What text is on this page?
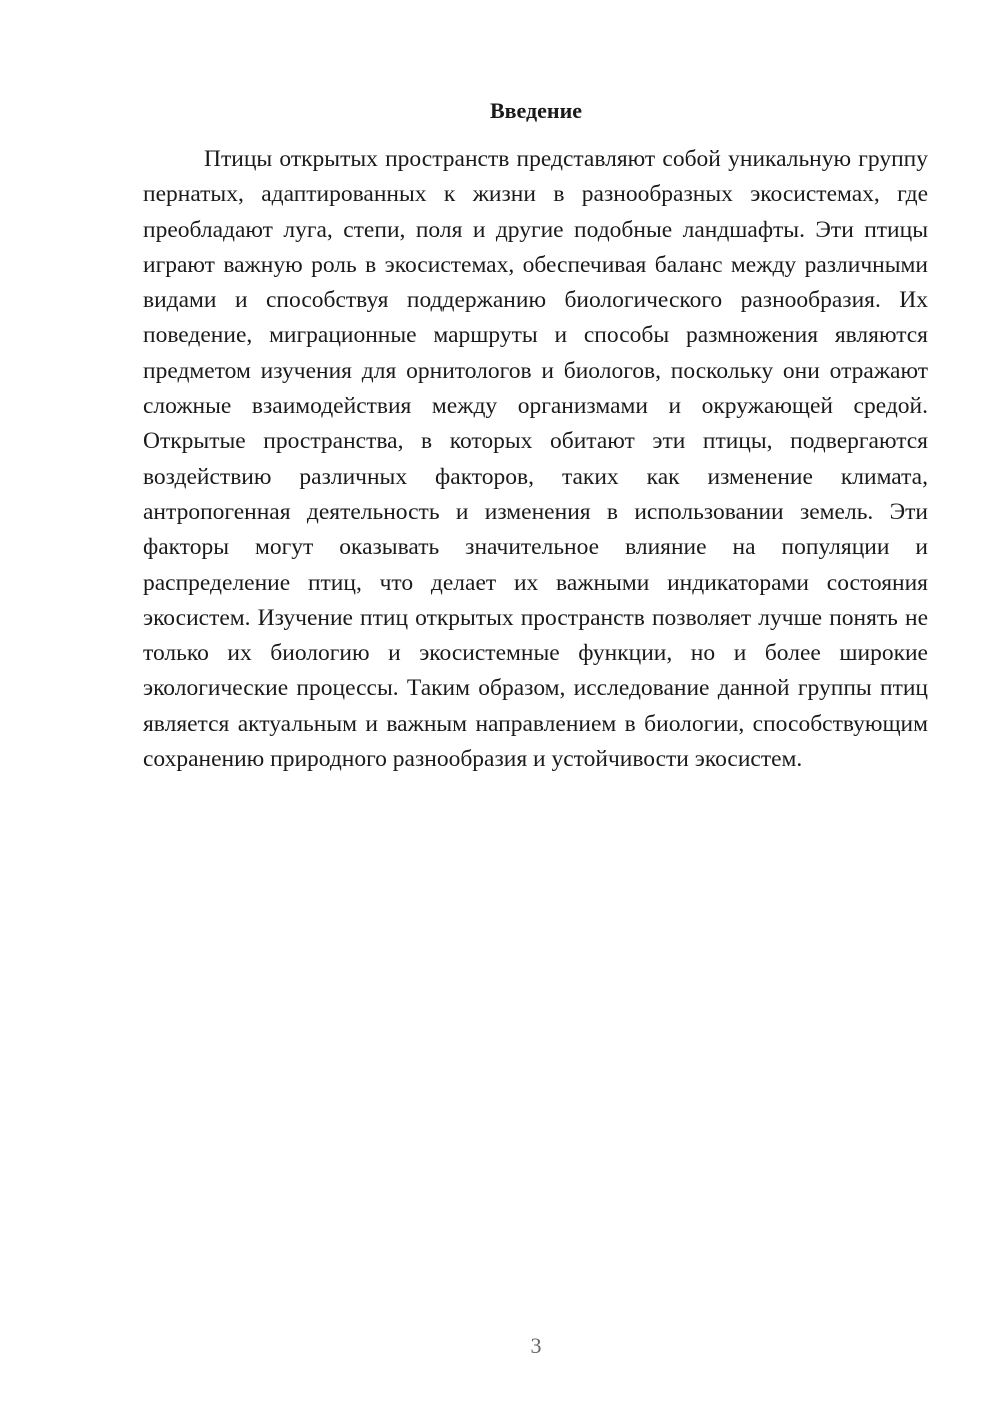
Введение

Птицы открытых пространств представляют собой уникальную группу пернатых, адаптированных к жизни в разнообразных экосистемах, где преобладают луга, степи, поля и другие подобные ландшафты. Эти птицы играют важную роль в экосистемах, обеспечивая баланс между различными видами и способствуя поддержанию биологического разнообразия. Их поведение, миграционные маршруты и способы размножения являются предметом изучения для орнитологов и биологов, поскольку они отражают сложные взаимодействия между организмами и окружающей средой. Открытые пространства, в которых обитают эти птицы, подвергаются воздействию различных факторов, таких как изменение климата, антропогенная деятельность и изменения в использовании земель. Эти факторы могут оказывать значительное влияние на популяции и распределение птиц, что делает их важными индикаторами состояния экосистем. Изучение птиц открытых пространств позволяет лучше понять не только их биологию и экосистемные функции, но и более широкие экологические процессы. Таким образом, исследование данной группы птиц является актуальным и важным направлением в биологии, способствующим сохранению природного разнообразия и устойчивости экосистем.

3
